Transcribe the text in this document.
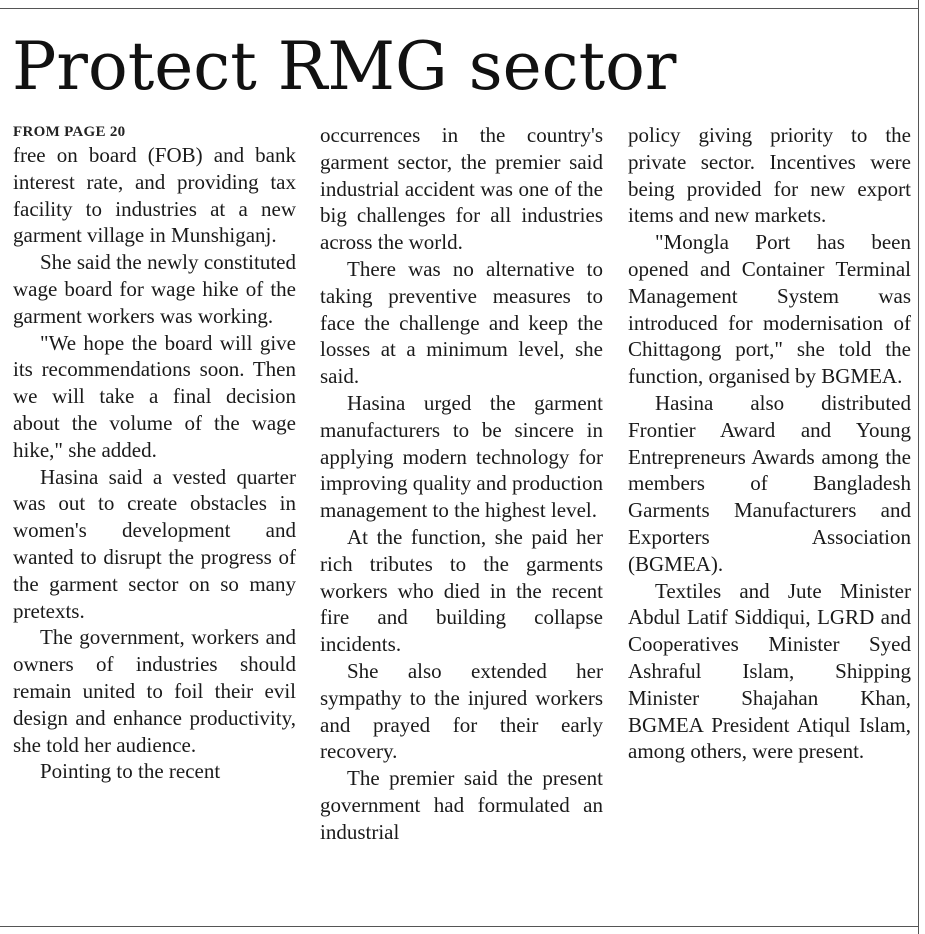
Protect RMG sector
FROM PAGE 20

free on board (FOB) and bank interest rate, and providing tax facility to industries at a new garment village in Munshiganj.

She said the newly constituted wage board for wage hike of the garment workers was working.

"We hope the board will give its recommendations soon. Then we will take a final decision about the volume of the wage hike," she added.

Hasina said a vested quarter was out to create obstacles in women's development and wanted to disrupt the progress of the garment sector on so many pretexts.

The government, workers and owners of industries should remain united to foil their evil design and enhance productivity, she told her audience.

Pointing to the recent

occurrences in the country's garment sector, the premier said industrial accident was one of the big challenges for all industries across the world.

There was no alternative to taking preventive measures to face the challenge and keep the losses at a minimum level, she said.

Hasina urged the garment manufacturers to be sincere in applying modern technology for improving quality and production management to the highest level.

At the function, she paid her rich tributes to the garments workers who died in the recent fire and building collapse incidents.

She also extended her sympathy to the injured workers and prayed for their early recovery.

The premier said the present government had formulated an industrial

policy giving priority to the private sector. Incentives were being provided for new export items and new markets.

"Mongla Port has been opened and Container Terminal Management System was introduced for modernisation of Chittagong port," she told the function, organised by BGMEA.

Hasina also distributed Frontier Award and Young Entrepreneurs Awards among the members of Bangladesh Garments Manufacturers and Exporters Association (BGMEA).

Textiles and Jute Minister Abdul Latif Siddiqui, LGRD and Cooperatives Minister Syed Ashraful Islam, Shipping Minister Shajahan Khan, BGMEA President Atiqul Islam, among others, were present.
